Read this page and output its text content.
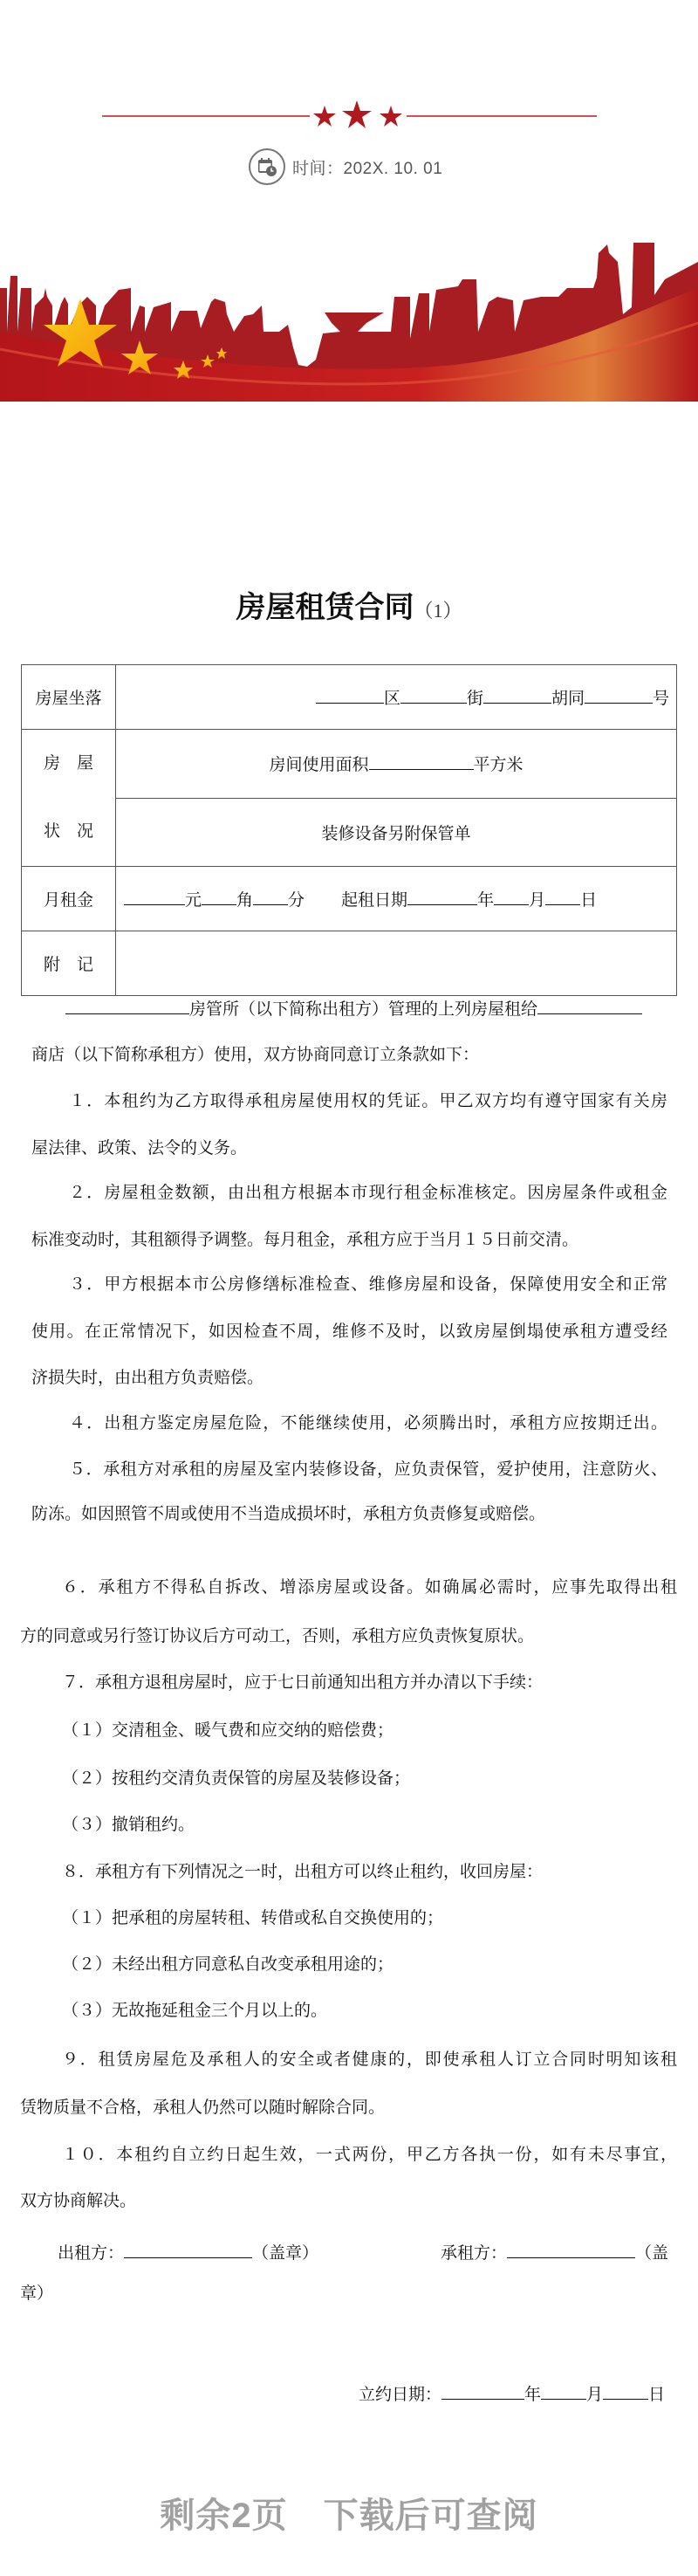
时间：202X. 10. 01
房屋租赁合同（1）
房屋坐落	区 街 胡同 号

房　屋
状　况	房间使用面积 平方米
	装修设备另附保管单
月租金	元 角 分 起租日期 年 月 日
附　记	
房管所（以下简称出租方）管理的上列房屋租给
商店（以下简称承租方）使用，双方协商同意订立条款如下：
１．本租约为乙方取得承租房屋使用权的凭证。甲乙双方均有遵守国家有关房
屋法律、政策、法令的义务。
２．房屋租金数额，由出租方根据本市现行租金标准核定。因房屋条件或租金
标准变动时，其租额得予调整。每月租金，承租方应于当月１５日前交清。
３．甲方根据本市公房修缮标准检查、维修房屋和设备，保障使用安全和正常
使用。在正常情况下，如因检查不周，维修不及时，以致房屋倒塌使承租方遭受经
济损失时，由出租方负责赔偿。
４．出租方鉴定房屋危险，不能继续使用，必须腾出时，承租方应按期迁出。
５．承租方对承租的房屋及室内装修设备，应负责保管，爱护使用，注意防火、
防冻。如因照管不周或使用不当造成损坏时，承租方负责修复或赔偿。
６．承租方不得私自拆改、增添房屋或设备。如确属必需时，应事先取得出租
方的同意或另行签订协议后方可动工，否则，承租方应负责恢复原状。
７．承租方退租房屋时，应于七日前通知出租方并办清以下手续：
（１）交清租金、暖气费和应交纳的赔偿费；
（２）按租约交清负责保管的房屋及装修设备；
（３）撤销租约。
８．承租方有下列情况之一时，出租方可以终止租约，收回房屋：
（１）把承租的房屋转租、转借或私自交换使用的；
（２）未经出租方同意私自改变承租用途的；
（３）无故拖延租金三个月以上的。
９．租赁房屋危及承租人的安全或者健康的，即使承租人订立合同时明知该租
赁物质量不合格，承租人仍然可以随时解除合同。
１０．本租约自立约日起生效，一式两份，甲乙方各执一份，如有未尽事宜，
双方协商解决。
出租方：	（盖章）	承租方：	（盖
章）
立约日期：	年	月	日
剩余2页　下载后可查阅
